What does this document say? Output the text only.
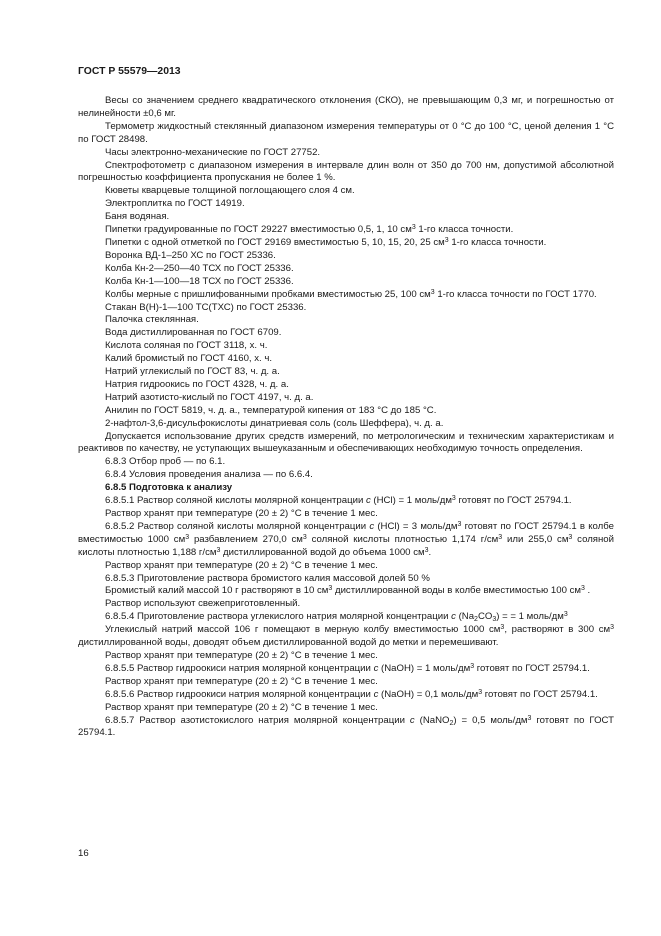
ГОСТ Р 55579—2013

Весы со значением среднего квадратического отклонения (СКО), не превышающим 0,3 мг, и погрешностью от нелинейности ±0,6 мг.

Термометр жидкостный стеклянный диапазоном измерения температуры от 0 °С до 100 °С, ценой деления 1 °С по ГОСТ 28498.

Часы электронно-механические по ГОСТ 27752.

Спектрофотометр с диапазоном измерения в интервале длин волн от 350 до 700 нм, допустимой абсолютной погрешностью коэффициента пропускания не более 1 %.

Кюветы кварцевые толщиной поглощающего слоя 4 см.

Электроплитка по ГОСТ 14919.

Баня водяная.

Пипетки градуированные по ГОСТ 29227 вместимостью 0,5, 1, 10 $см^3$ 1-го класса точности.

Пипетки с одной отметкой по ГОСТ 29169 вместимостью 5, 10, 15, 20, 25 $см^3$ 1-го класса точности.

Воронка ВД-1–250 ХС по ГОСТ 25336.

Колба Кн-2—250—40 ТСХ по ГОСТ 25336.

Колба Кн-1—100—18 ТСХ по ГОСТ 25336.

Колбы мерные с пришлифованными пробками вместимостью 25, 100 $см^3$ 1-го класса точности по ГОСТ 1770.

Стакан В(Н)-1—100 ТС(ТХС) по ГОСТ 25336.

Палочка стеклянная.

Вода дистиллированная по ГОСТ 6709.

Кислота соляная по ГОСТ 3118, х. ч.

Калий бромистый по ГОСТ 4160, х. ч.

Натрий углекислый по ГОСТ 83, ч. д. а.

Натрия гидроокись по ГОСТ 4328, ч. д. а.

Натрий азотисто-кислый по ГОСТ 4197, ч. д. а.

Анилин по ГОСТ 5819, ч. д. а., температурой кипения от 183 °С до 185 °С.

2-нафтол-3,6-дисульфокислоты динатриевая соль (соль Шеффера), ч. д. а.

Допускается использование других средств измерений, по метрологическим и техническим характеристикам и реактивов по качеству, не уступающих вышеуказанным и обеспечивающих необходимую точность определения.

6.8.3 Отбор проб — по 6.1.

6.8.4 Условия проведения анализа — по 6.6.4.

6.8.5 Подготовка к анализу

6.8.5.1 Раствор соляной кислоты молярной концентрации c (HCl) = 1 моль/$дм^3$ готовят по ГОСТ 25794.1.

Раствор хранят при температуре (20 ± 2) °С в течение 1 мес.

6.8.5.2 Раствор соляной кислоты молярной концентрации c (HCl) = 3 моль/$дм^3$ готовят по ГОСТ 25794.1 в колбе вместимостью 1000 $см^3$ разбавлением 270,0 $см^3$ соляной кислоты плотностью 1,174 $г/см^3$ или 255,0 $см^3$ соляной кислоты плотностью 1,188 $г/см^3$ дистиллированной водой до объема 1000 $см^3$.

Раствор хранят при температуре (20 ± 2) °С в течение 1 мес.

6.8.5.3 Приготовление раствора бромистого калия массовой долей 50 %

Бромистый калий массой 10 г растворяют в 10 $см^3$ дистиллированной воды в колбе вместимостью 100 $см^3$ .

Раствор используют свежеприготовленный.

6.8.5.4 Приготовление раствора углекислого натрия молярной концентрации c $(Na_2CO_3)$ = = 1 моль/$дм^3$

Углекислый натрий массой 106 г помещают в мерную колбу вместимостью 1000 $см^3$, растворяют в 300 $см^3$ дистиллированной воды, доводят объем дистиллированной водой до метки и перемешивают.

Раствор хранят при температуре (20 ± 2) °С в течение 1 мес.

6.8.5.5 Раствор гидроокиси натрия молярной концентрации c (NaOH) = 1 моль/$дм^3$ готовят по ГОСТ 25794.1.

Раствор хранят при температуре (20 ± 2) °С в течение 1 мес.

6.8.5.6 Раствор гидроокиси натрия молярной концентрации c (NaOH) = 0,1 моль/$дм^3$ готовят по ГОСТ 25794.1.

Раствор хранят при температуре (20 ± 2) °С в течение 1 мес.

6.8.5.7 Раствор азотистокислого натрия молярной концентрации c (NaNO$_2$) = 0,5 моль/$дм^3$ готовят по ГОСТ 25794.1.

16
